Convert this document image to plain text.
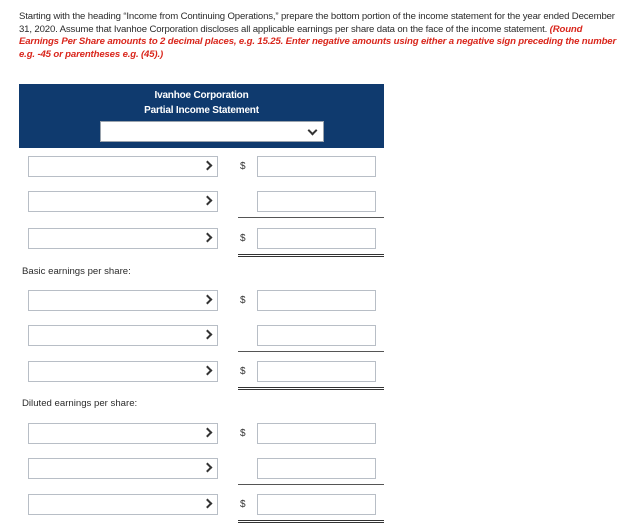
Starting with the heading “Income from Continuing Operations,” prepare the bottom portion of the income statement for the year ended December 31, 2020. Assume that Ivanhoe Corporation discloses all applicable earnings per share data on the face of the income statement. (Round Earnings Per Share amounts to 2 decimal places, e.g. 15.25. Enter negative amounts using either a negative sign preceding the number e.g. -45 or parentheses e.g. (45).)
Ivanhoe Corporation
Partial Income Statement
$
$
Basic earnings per share:
$
$
Diluted earnings per share:
$
$
